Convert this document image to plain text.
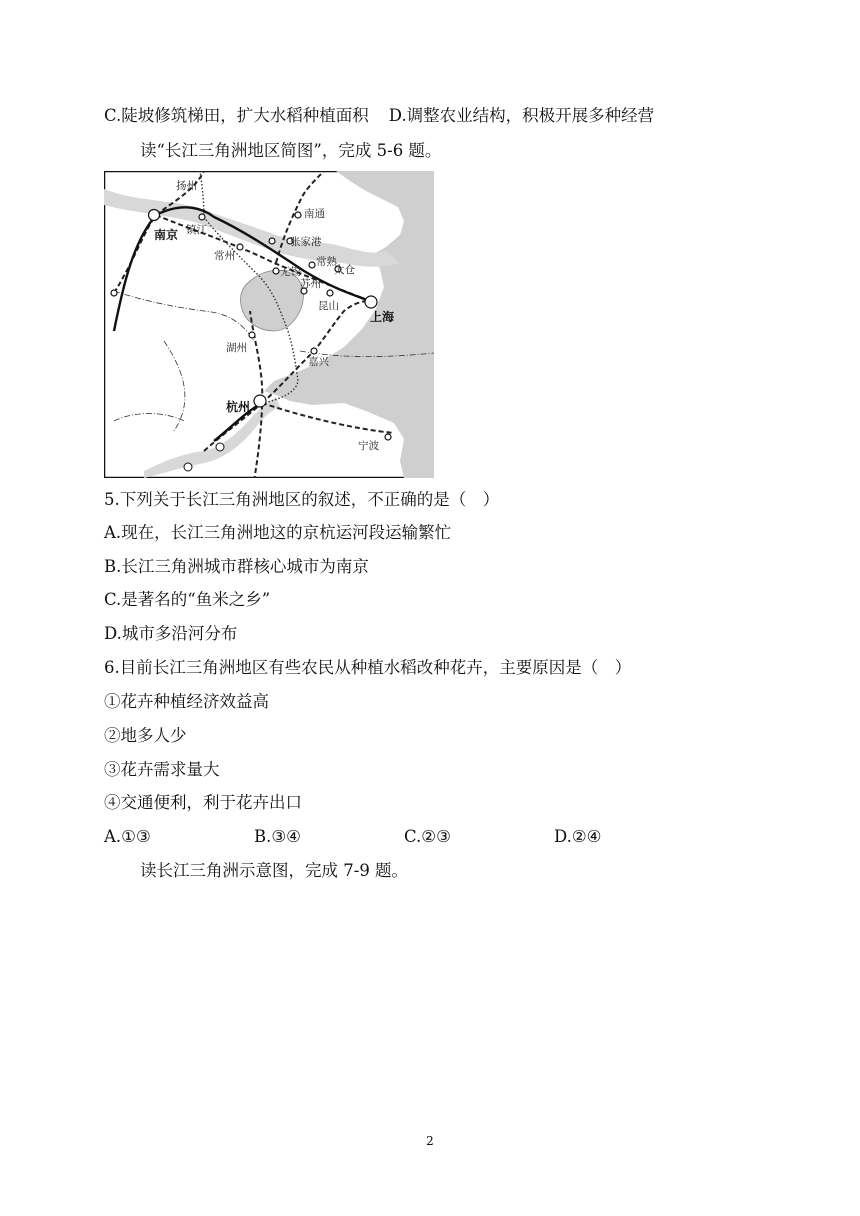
C.陡坡修筑梯田，扩大水稻种植面积 D.调整农业结构，积极开展多种经营
读“长江三角洲地区简图”，完成 5-6 题。
扬州
南京 镇江
常州
南通
张家港
常熟
太仓
无锡
苏州
昆山
上海
湖州
嘉兴
杭州
宁波
5.下列关于长江三角洲地区的叙述，不正确的是（　）
A.现在，长江三角洲地这的京杭运河段运输繁忙
B.长江三角洲城市群核心城市为南京
C.是著名的“鱼米之乡”
D.城市多沿河分布
6.目前长江三角洲地区有些农民从种植水稻改种花卉，主要原因是（　）
①花卉种植经济效益高
②地多人少
③花卉需求量大
④交通便利，利于花卉出口
A.①③	B.③④	C.②③	D.②④
读长江三角洲示意图，完成 7-9 题。
2
